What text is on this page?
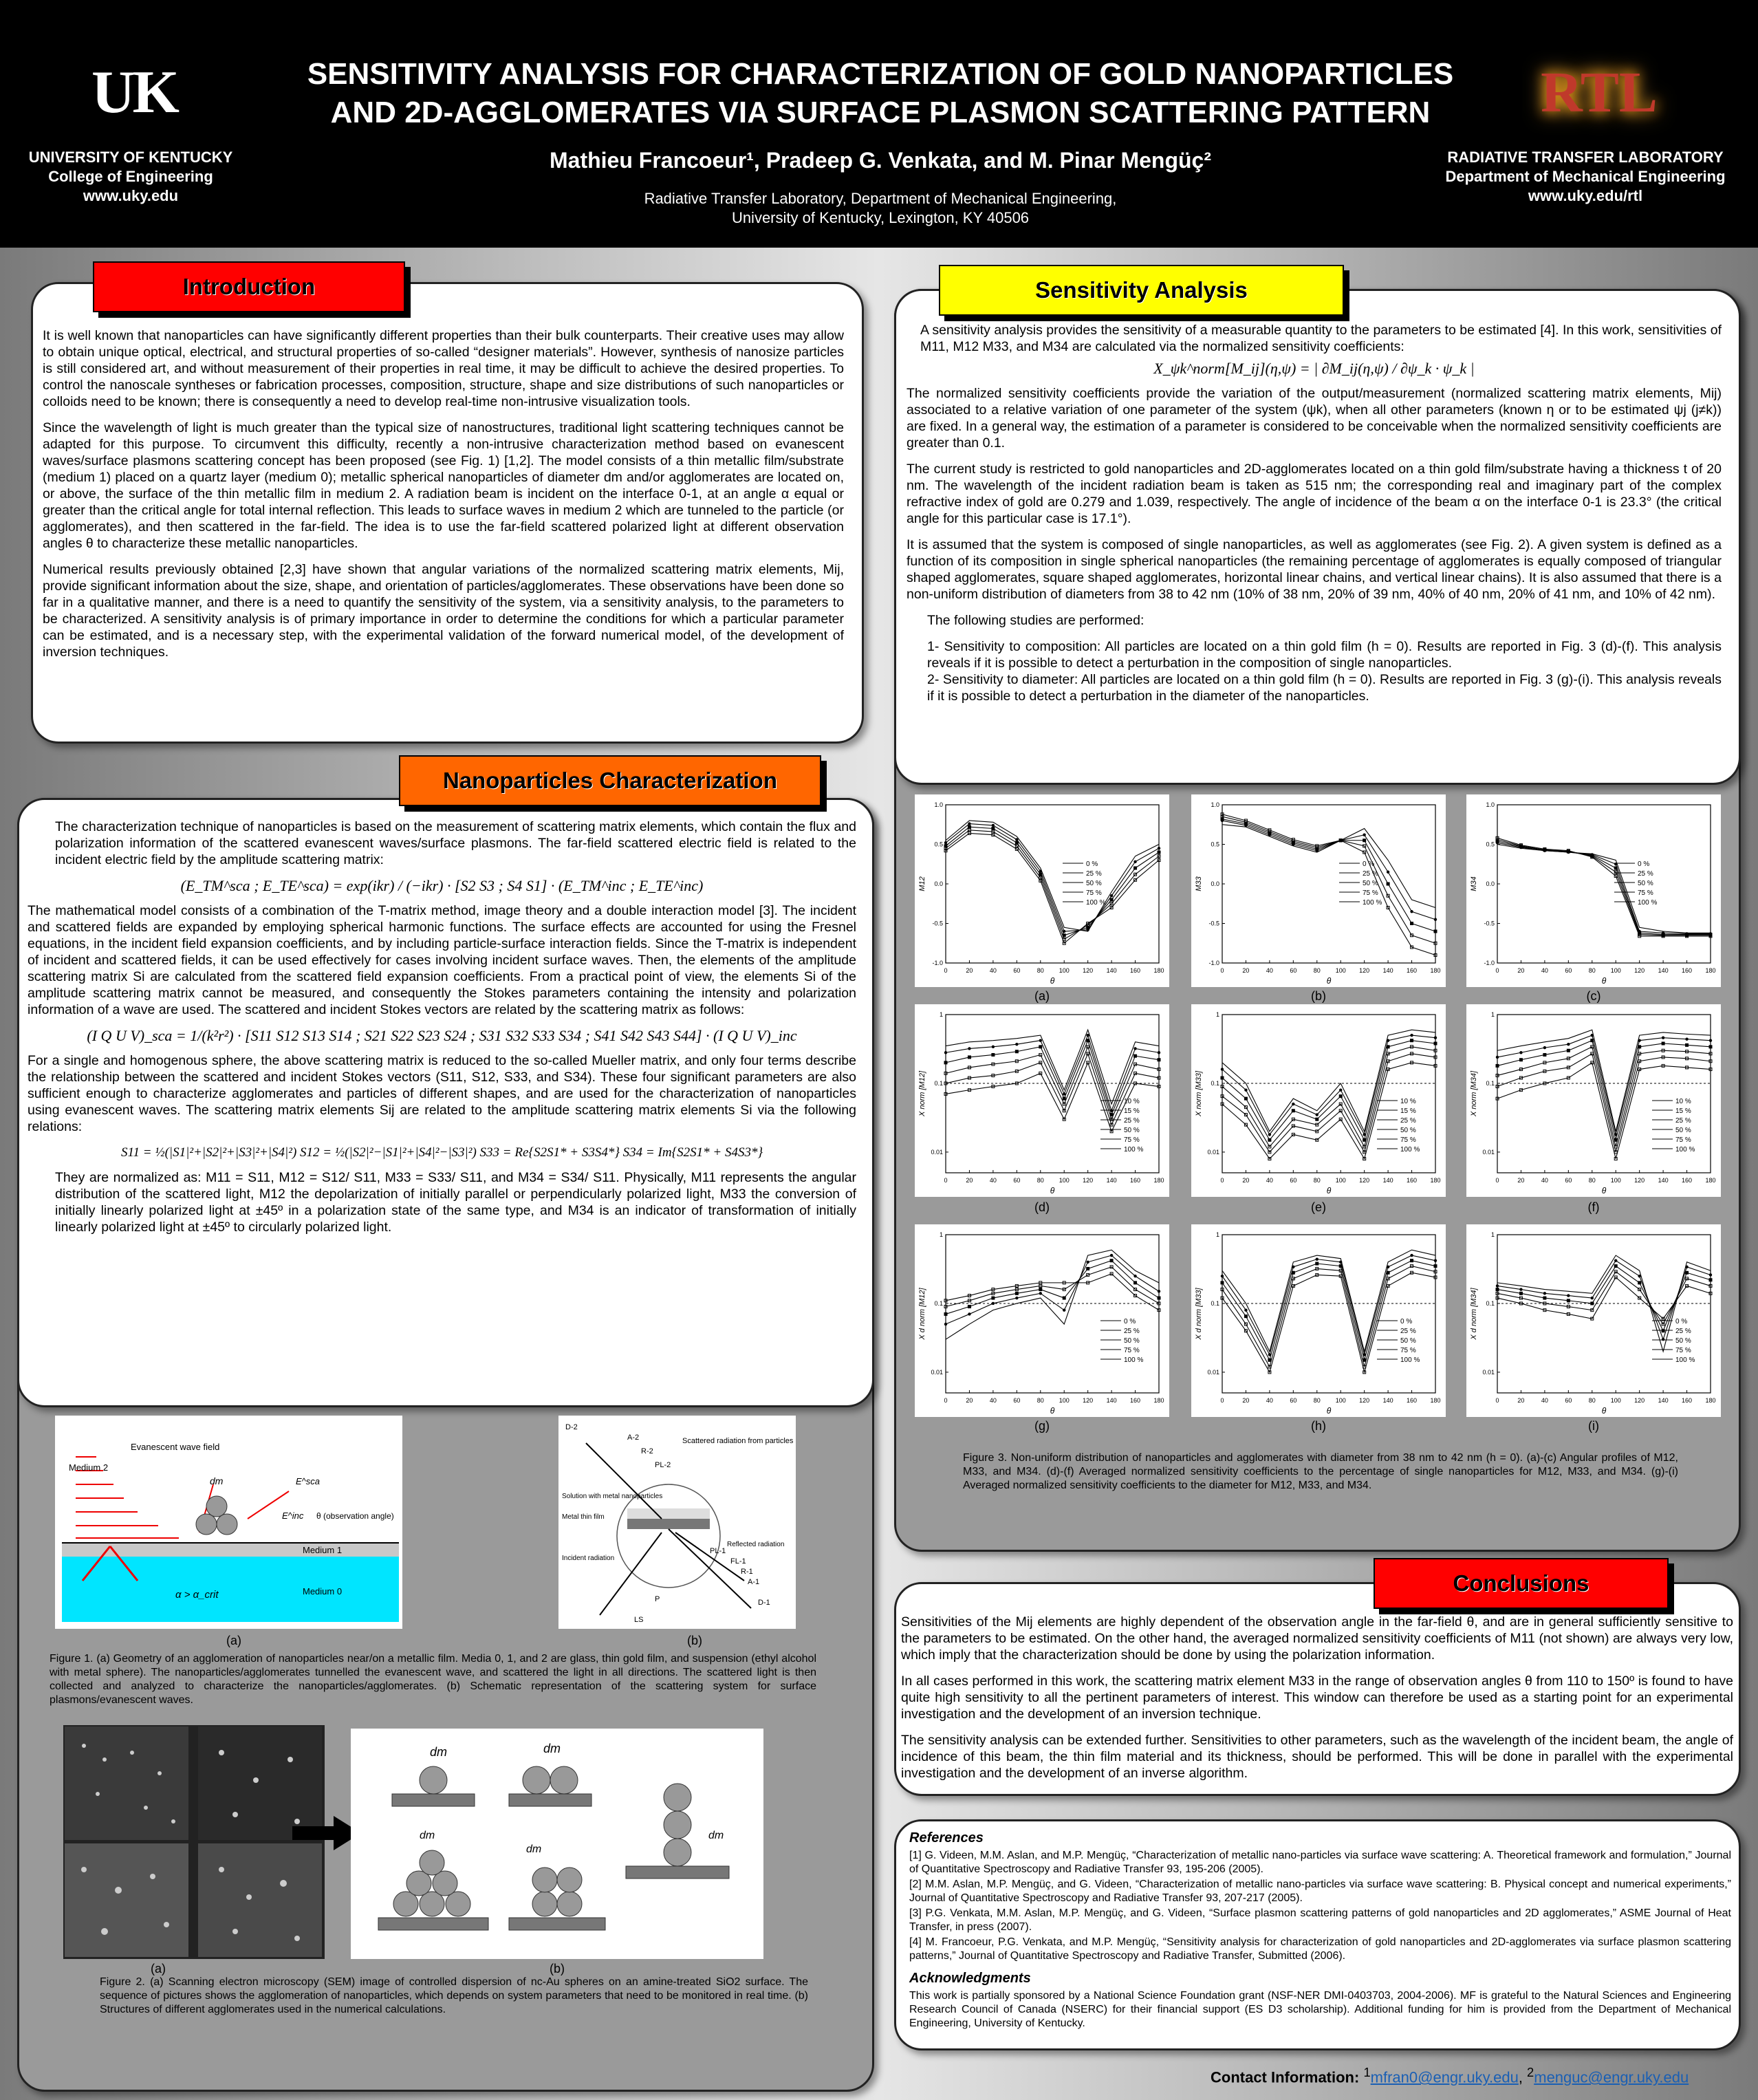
UK
UNIVERSITY OF KENTUCKY
College of Engineering
www.uky.edu
SENSITIVITY ANALYSIS FOR CHARACTERIZATION OF GOLD NANOPARTICLES
AND 2D-AGGLOMERATES VIA SURFACE PLASMON SCATTERING PATTERN
Mathieu Francoeur¹, Pradeep G. Venkata, and M. Pinar Mengüç²
Radiative Transfer Laboratory, Department of Mechanical Engineering,
University of Kentucky, Lexington, KY 40506
RTL
RADIATIVE TRANSFER LABORATORY
Department of Mechanical Engineering
www.uky.edu/rtl
Introduction

It is well known that nanoparticles can have significantly different properties than their bulk counterparts. Their creative uses may allow to obtain unique optical, electrical, and structural properties of so-called “designer materials”. However, synthesis of nanosize particles is still considered art, and without measurement of their properties in real time, it may be difficult to achieve the desired properties. To control the nanoscale syntheses or fabrication processes, composition, structure, shape and size distributions of such nanoparticles or colloids need to be known; there is consequently a need to develop real-time non-intrusive visualization tools.

Since the wavelength of light is much greater than the typical size of nanostructures, traditional light scattering techniques cannot be adapted for this purpose. To circumvent this difficulty, recently a non-intrusive characterization method based on evanescent waves/surface plasmons scattering concept has been proposed (see Fig. 1) [1,2]. The model consists of a thin metallic film/substrate (medium 1) placed on a quartz layer (medium 0); metallic spherical nanoparticles of diameter dm and/or agglomerates are located on, or above, the surface of the thin metallic film in medium 2. A radiation beam is incident on the interface 0-1, at an angle α equal or greater than the critical angle for total internal reflection. This leads to surface waves in medium 2 which are tunneled to the particle (or agglomerates), and then scattered in the far-field. The idea is to use the far-field scattered polarized light at different observation angles θ to characterize these metallic nanoparticles.

Numerical results previously obtained [2,3] have shown that angular variations of the normalized scattering matrix elements, Mij, provide significant information about the size, shape, and orientation of particles/agglomerates. These observations have been done so far in a qualitative manner, and there is a need to quantify the sensitivity of the system, via a sensitivity analysis, to the parameters to be characterized. A sensitivity analysis is of primary importance in order to determine the conditions for which a particular parameter can be estimated, and is a necessary step, with the experimental validation of the forward numerical model, of the development of inversion techniques.

Nanoparticles Characterization

The characterization technique of nanoparticles is based on the measurement of scattering matrix elements, which contain the flux and polarization information of the scattered evanescent waves/surface plasmons. The far-field scattered electric field is related to the incident electric field by the amplitude scattering matrix:

(E_TM^sca ; E_TE^sca) = exp(ikr) / (−ikr) · [S2 S3 ; S4 S1] · (E_TM^inc ; E_TE^inc)

The mathematical model consists of a combination of the T-matrix method, image theory and a double interaction model [3]. The incident and scattered fields are expanded by employing spherical harmonic functions. The surface effects are accounted for using the Fresnel equations, in the incident field expansion coefficients, and by including particle-surface interaction fields. Since the T-matrix is independent of incident and scattered fields, it can be used effectively for cases involving incident surface waves. Then, the elements of the amplitude scattering matrix Si are calculated from the scattered field expansion coefficients. From a practical point of view, the elements Si of the amplitude scattering matrix cannot be measured, and consequently the Stokes parameters containing the intensity and polarization information of a wave are used. The scattered and incident Stokes vectors are related by the scattering matrix as follows:

(I Q U V)_sca = 1/(k²r²) · [S11 S12 S13 S14 ; S21 S22 S23 S24 ; S31 S32 S33 S34 ; S41 S42 S43 S44] · (I Q U V)_inc

For a single and homogenous sphere, the above scattering matrix is reduced to the so-called Mueller matrix, and only four terms describe the relationship between the scattered and incident Stokes vectors (S11, S12, S33, and S34). These four significant parameters are also sufficient enough to characterize agglomerates and particles of different shapes, and are used for the characterization of nanoparticles using evanescent waves. The scattering matrix elements Sij are related to the amplitude scattering matrix elements Si via the following relations:

S11 = ½(|S1|²+|S2|²+|S3|²+|S4|²) S12 = ½(|S2|²−|S1|²+|S4|²−|S3|²) S33 = Re{S2S1* + S3S4*} S34 = Im{S2S1* + S4S3*}

They are normalized as: M11 = S11, M12 = S12/ S11, M33 = S33/ S11, and M34 = S34/ S11. Physically, M11 represents the angular distribution of the scattered light, M12 the depolarization of initially parallel or perpendicularly polarized light, M33 the conversion of initially linearly polarized light at ±45º in a polarization state of the same type, and M34 is an indicator of transformation of initially linearly polarized light at ±45º to circularly polarized light.

Evanescent wave field
Medium 2
Medium 1
Medium 0
dm	E^sca
E^inc θ (observation angle)
α > α_crit
(a)
D-2
A-2
R-2
PL-2
Scattered radiation from particles
Solution with metal nanoparticles
Metal thin film
Incident radiation
Reflected radiation
FL-1
R-1
A-1
D-1
LS
P
PL-1
(b)
Figure 1. (a) Geometry of an agglomeration of nanoparticles near/on a metallic film. Media 0, 1, and 2 are glass, thin gold film, and suspension (ethyl alcohol with metal sphere). The nanoparticles/agglomerates tunnelled the evanescent wave, and scattered the light in all directions. The scattered light is then collected and analyzed to characterize the nanoparticles/agglomerates. (b) Schematic representation of the scattering system for surface plasmons/evanescent waves.
dm	dm
dm
dm
dm
(a)	(b)
Figure 2. (a) Scanning electron microscopy (SEM) image of controlled dispersion of nc-Au spheres on an amine-treated SiO2 surface. The sequence of pictures shows the agglomeration of nanoparticles, which depends on system parameters that need to be monitored in real time. (b) Structures of different agglomerates used in the numerical calculations.
Sensitivity Analysis

A sensitivity analysis provides the sensitivity of a measurable quantity to the parameters to be estimated [4]. In this work, sensitivities of M11, M12 M33, and M34 are calculated via the normalized sensitivity coefficients:

X_ψk^norm[M_ij](η,ψ) = | ∂M_ij(η,ψ) / ∂ψ_k · ψ_k |

The normalized sensitivity coefficients provide the variation of the output/measurement (normalized scattering matrix elements, Mij) associated to a relative variation of one parameter of the system (ψk), when all other parameters (known η or to be estimated ψj (j≠k)) are fixed. In a general way, the estimation of a parameter is considered to be conceivable when the normalized sensitivity coefficients are greater than 0.1.

The current study is restricted to gold nanoparticles and 2D-agglomerates located on a thin gold film/substrate having a thickness t of 20 nm. The wavelength of the incident radiation beam is taken as 515 nm; the corresponding real and imaginary part of the complex refractive index of gold are 0.279 and 1.039, respectively. The angle of incidence of the beam α on the interface 0-1 is 23.3° (the critical angle for this particular case is 17.1°).

It is assumed that the system is composed of single nanoparticles, as well as agglomerates (see Fig. 2). A given system is defined as a function of its composition in single spherical nanoparticles (the remaining percentage of agglomerates is equally composed of triangular shaped agglomerates, square shaped agglomerates, horizontal linear chains, and vertical linear chains). It is also assumed that there is a non-uniform distribution of diameters from 38 to 42 nm (10% of 38 nm, 20% of 39 nm, 40% of 40 nm, 20% of 41 nm, and 10% of 42 nm).

The following studies are performed:

1- Sensitivity to composition: All particles are located on a thin gold film (h = 0). Results are reported in Fig. 3 (d)-(f). This analysis reveals if it is possible to detect a perturbation in the composition of single nanoparticles.

2- Sensitivity to diameter: All particles are located on a thin gold film (h = 0). Results are reported in Fig. 3 (g)-(i). This analysis reveals if it is possible to detect a perturbation in the diameter of the nanoparticles.

0	20	40	60	80 100 120 140 160 180
-1.0
-0.5
0.0
0.5
1.0
θ
M12
0 %
25 %
50 %
75 %
100 %
0	20	40	60	80 100 120 140 160 180
-1.0
-0.5
0.0
0.5
1.0
θ
M33
0 %
25 %
50 %
75 %
100 %
0	20	40	60	80 100 120 140 160 180
-1.0
-0.5
0.0
0.5
1.0
θ
M34
0 %
25 %
50 %
75 %
100 %
0	20	40	60	80 100 120 140 160 180
0.01
0.1
1
θ
X norm [M12]	10 %
15 %
25 %
50 %
75 %
100 %
0	20	40	60	80 100 120 140 160 180
0.01
0.1
1
θ
X norm [M33]	10 %
15 %
25 %
50 %
75 %
100 %
0	20	40	60	80 100 120 140 160 180
0.01
0.1
1
θ
X norm [M34]	10 %
15 %
25 %
50 %
75 %
100 %
0	20	40	60	80 100 120 140 160 180
0.01
0.1
1
θ
X d norm [M12]	0 %
25 %
50 %
75 %
100 %
0	20	40	60	80 100 120 140 160 180
0.01
0.1
1
θ
X d norm [M33]	0 %
25 %
50 %
75 %
100 %
0	20	40	60	80 100 120 140 160 180
0.01
0.1
1
θ
X d norm [M34]	0 %
25 %
50 %
75 %
100 %
(a)	(b)	(c)
(d)	(e)	(f)
(g)	(h)	(i)
Figure 3. Non-uniform distribution of nanoparticles and agglomerates with diameter from 38 nm to 42 nm (h = 0). (a)-(c) Angular profiles of M12, M33, and M34. (d)-(f) Averaged normalized sensitivity coefficients to the percentage of single nanoparticles for M12, M33, and M34. (g)-(i) Averaged normalized sensitivity coefficients to the diameter for M12, M33, and M34.
Conclusions

Sensitivities of the Mij elements are highly dependent of the observation angle in the far-field θ, and are in general sufficiently sensitive to the parameters to be estimated. On the other hand, the averaged normalized sensitivity coefficients of M11 (not shown) are always very low, which imply that the characterization should be done by using the polarization information.

In all cases performed in this work, the scattering matrix element M33 in the range of observation angles θ from 110 to 150º is found to have quite high sensitivity to all the pertinent parameters of interest. This window can therefore be used as a starting point for an experimental investigation and the development of an inversion technique.

The sensitivity analysis can be extended further. Sensitivities to other parameters, such as the wavelength of the incident beam, the angle of incidence of this beam, the thin film material and its thickness, should be performed. This will be done in parallel with the experimental investigation and the development of an inverse algorithm.

References

[1] G. Videen, M.M. Aslan, and M.P. Mengüç, “Characterization of metallic nano-particles via surface wave scattering: A. Theoretical framework and formulation,” Journal of Quantitative Spectroscopy and Radiative Transfer 93, 195-206 (2005).

[2] M.M. Aslan, M.P. Mengüç, and G. Videen, “Characterization of metallic nano-particles via surface wave scattering: B. Physical concept and numerical experiments,” Journal of Quantitative Spectroscopy and Radiative Transfer 93, 207-217 (2005).

[3] P.G. Venkata, M.M. Aslan, M.P. Mengüç, and G. Videen, “Surface plasmon scattering patterns of gold nanoparticles and 2D agglomerates,” ASME Journal of Heat Transfer, in press (2007).

[4] M. Francoeur, P.G. Venkata, and M.P. Mengüç, “Sensitivity analysis for characterization of gold nanoparticles and 2D-agglomerates via surface plasmon scattering patterns,” Journal of Quantitative Spectroscopy and Radiative Transfer, Submitted (2006).

Acknowledgments

This work is partially sponsored by a National Science Foundation grant (NSF-NER DMI-0403703, 2004-2006). MF is grateful to the Natural Sciences and Engineering Research Council of Canada (NSERC) for their financial support (ES D3 scholarship). Additional funding for him is provided from the Department of Mechanical Engineering, University of Kentucky.

Contact Information: $^1$mfran0@engr.uky.edu, $^2$menguc@engr.uky.edu
